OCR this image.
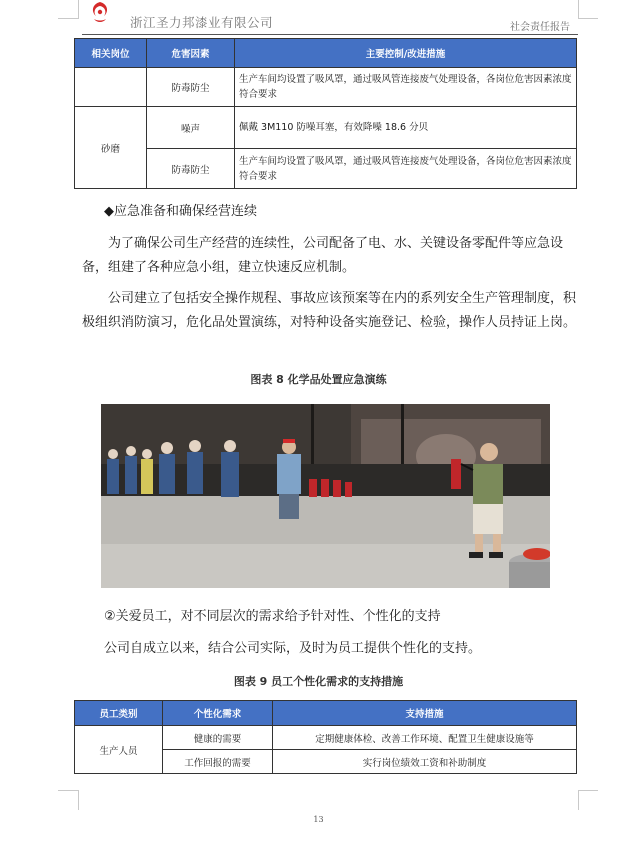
浙江圣力邦漆业有限公司	社会责任报告
相关岗位	危害因素	主要控制/改进措施
	防毒防尘	生产车间均设置了吸风罩，通过吸风管连接废气处理设备，各岗位危害因素浓度符合要求
砂磨	噪声	佩戴 3M110 防噪耳塞，有效降噪 18.6 分贝
	防毒防尘	生产车间均设置了吸风罩，通过吸风管连接废气处理设备，各岗位危害因素浓度符合要求
◆应急准备和确保经营连续
为了确保公司生产经营的连续性，公司配备了电、水、关键设备零配件等应急设备，组建了各种应急小组，建立快速反应机制。
公司建立了包括安全操作规程、事故应该预案等在内的系列安全生产管理制度，积极组织消防演习，危化品处置演练，对特种设备实施登记、检验，操作人员持证上岗。
图表 8 化学品处置应急演练
②关爱员工，对不同层次的需求给予针对性、个性化的支持
公司自成立以来，结合公司实际，及时为员工提供个性化的支持。
图表 9 员工个性化需求的支持措施
员工类别	个性化需求	支持措施
生产人员	健康的需要	定期健康体检、改善工作环境、配置卫生健康设施等
	工作回报的需要	实行岗位绩效工资和补助制度
13
